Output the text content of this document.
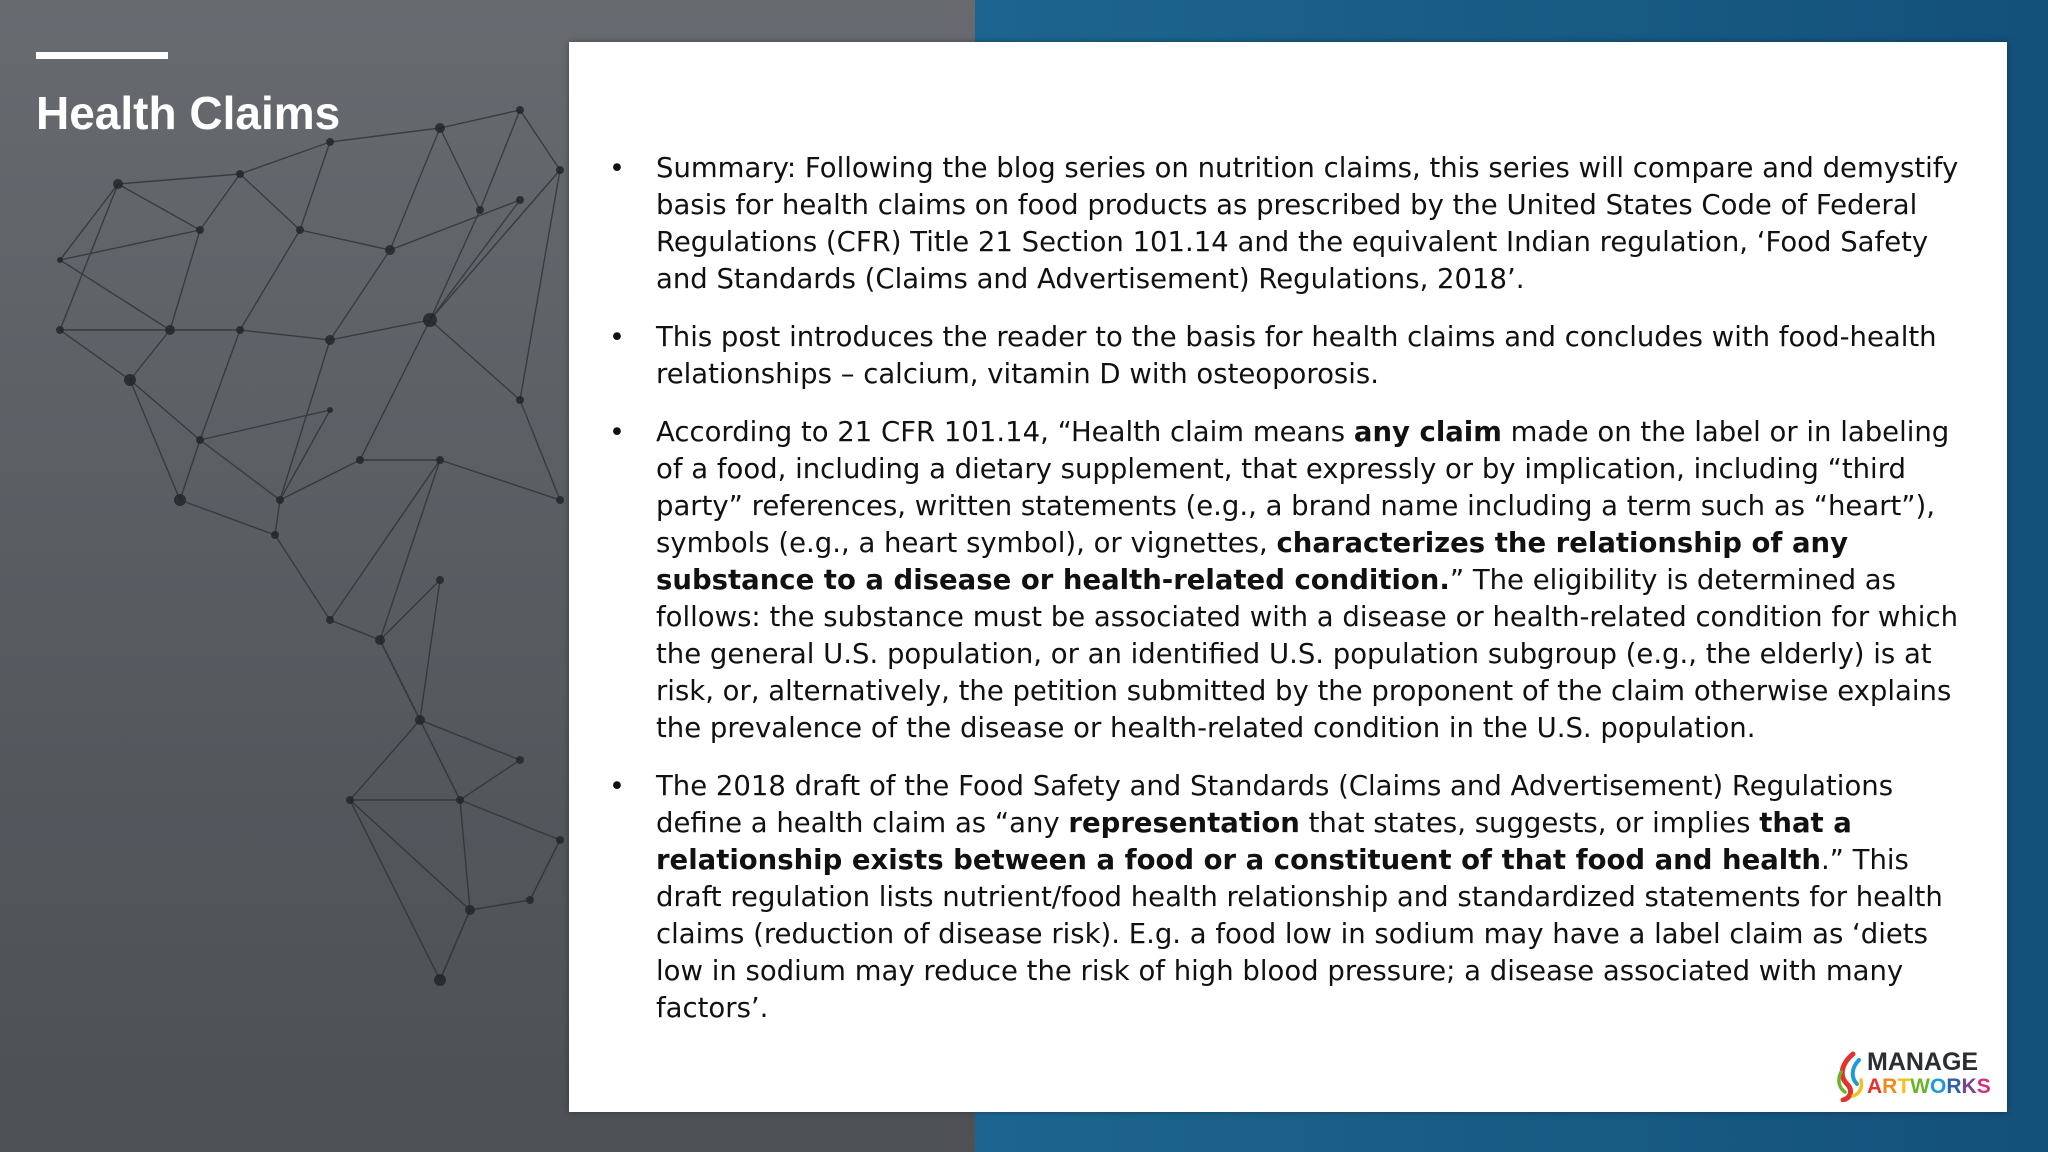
Health Claims
• Summary: Following the blog series on nutrition claims, this series will compare and demystify basis for health claims on food products as prescribed by the United States Code of Federal Regulations (CFR) Title 21 Section 101.14 and the equivalent Indian regulation, ‘Food Safety and Standards (Claims and Advertisement) Regulations, 2018’.
• This post introduces the reader to the basis for health claims and concludes with food-health relationships – calcium, vitamin D with osteoporosis.
• According to 21 CFR 101.14, “Health claim means any claim made on the label or in labeling of a food, including a dietary supplement, that expressly or by implication, including “third party” references, written statements (e.g., a brand name including a term such as “heart”), symbols (e.g., a heart symbol), or vignettes, characterizes the relationship of any substance to a disease or health-related condition.” The eligibility is determined as follows: the substance must be associated with a disease or health-related condition for which the general U.S. population, or an identified U.S. population subgroup (e.g., the elderly) is at risk, or, alternatively, the petition submitted by the proponent of the claim otherwise explains the prevalence of the disease or health-related condition in the U.S. population.
• The 2018 draft of the Food Safety and Standards (Claims and Advertisement) Regulations define a health claim as “any representation that states, suggests, or implies that a relationship exists between a food or a constituent of that food and health.” This draft regulation lists nutrient/food health relationship and standardized statements for health claims (reduction of disease risk). E.g. a food low in sodium may have a label claim as ‘diets low in sodium may reduce the risk of high blood pressure; a disease associated with many factors’.
MANAGE
ARTWORKS
